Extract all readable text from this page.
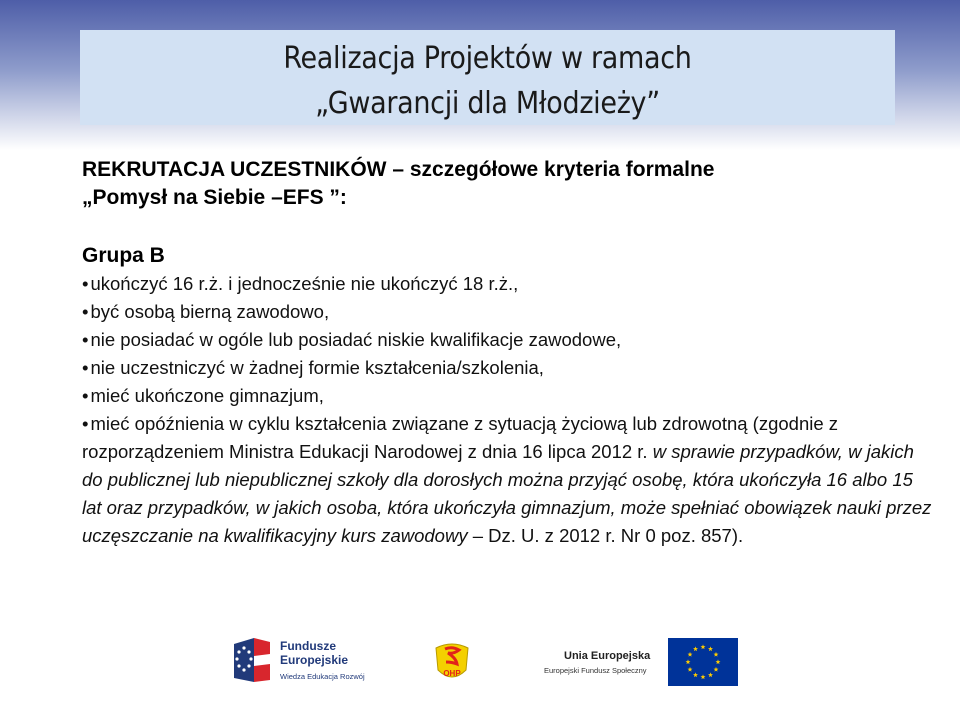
Realizacja Projektów w ramach
„Gwarancji dla Młodzieży”
REKRUTACJA UCZESTNIKÓW – szczegółowe kryteria formalne
„Pomysł na Siebie –EFS ”:
Grupa B
• ukończyć 16 r.ż. i jednocześnie nie ukończyć 18 r.ż.,
• być osobą bierną zawodowo,
• nie posiadać w ogóle lub posiadać niskie kwalifikacje zawodowe,
• nie uczestniczyć w żadnej formie kształcenia/szkolenia,
• mieć ukończone gimnazjum,
• mieć opóźnienia w cyklu kształcenia związane z sytuacją życiową lub zdrowotną (zgodnie z rozporządzeniem Ministra Edukacji Narodowej z dnia 16 lipca 2012 r. w sprawie przypadków, w jakich do publicznej lub niepublicznej szkoły dla dorosłych można przyjąć osobę, która ukończyła 16 albo 15 lat oraz przypadków, w jakich osoba, która ukończyła gimnazjum, może spełniać obowiązek nauki przez uczęszczanie na kwalifikacyjny kurs zawodowy – Dz. U. z 2012 r. Nr 0 poz. 857).
Fundusze
Europejskie
Wiedza Edukacja Rozwój	OHP
Unia Europejska
Europejski Fundusz Społeczny
